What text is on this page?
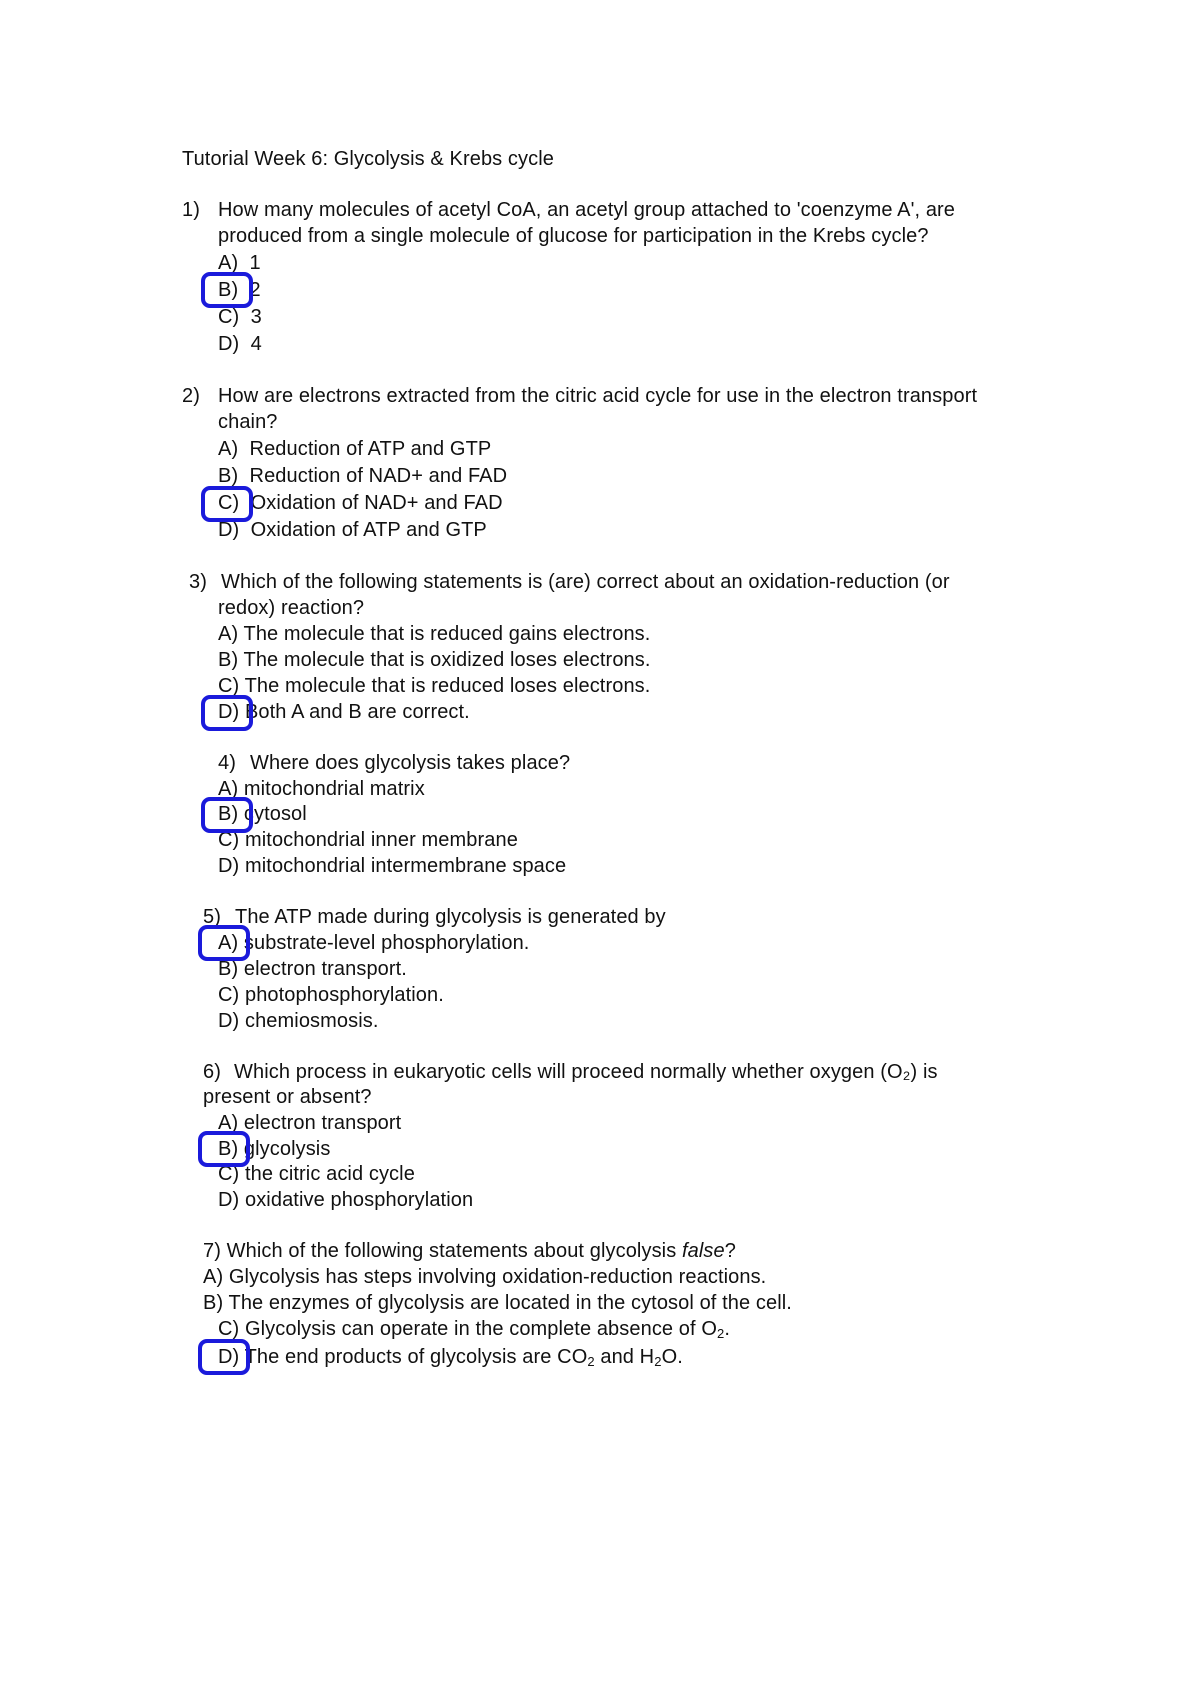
Tutorial Week 6: Glycolysis & Krebs cycle
1) How many molecules of acetyl CoA, an acetyl group attached to 'coenzyme A', are
produced from a single molecule of glucose for participation in the Krebs cycle?
A) 1
B) 2
C) 3
D) 4
2) How are electrons extracted from the citric acid cycle for use in the electron transport
chain?
A) Reduction of ATP and GTP
B) Reduction of NAD+ and FAD
C) Oxidation of NAD+ and FAD
D) Oxidation of ATP and GTP
3) Which of the following statements is (are) correct about an oxidation-reduction (or
redox) reaction?
A) The molecule that is reduced gains electrons.
B) The molecule that is oxidized loses electrons.
C) The molecule that is reduced loses electrons.
D) Both A and B are correct.
4) Where does glycolysis takes place?
A) mitochondrial matrix
B) cytosol
C) mitochondrial inner membrane
D) mitochondrial intermembrane space
5) The ATP made during glycolysis is generated by
A) substrate-level phosphorylation.
B) electron transport.
C) photophosphorylation.
D) chemiosmosis.
6) Which process in eukaryotic cells will proceed normally whether oxygen (O₂) is
present or absent?
A) electron transport
B) glycolysis
C) the citric acid cycle
D) oxidative phosphorylation
7) Which of the following statements about glycolysis false?
A) Glycolysis has steps involving oxidation-reduction reactions.
B) The enzymes of glycolysis are located in the cytosol of the cell.
C) Glycolysis can operate in the complete absence of $O_2$.
D) The end products of glycolysis are $CO_2$ and $H_2O$.
